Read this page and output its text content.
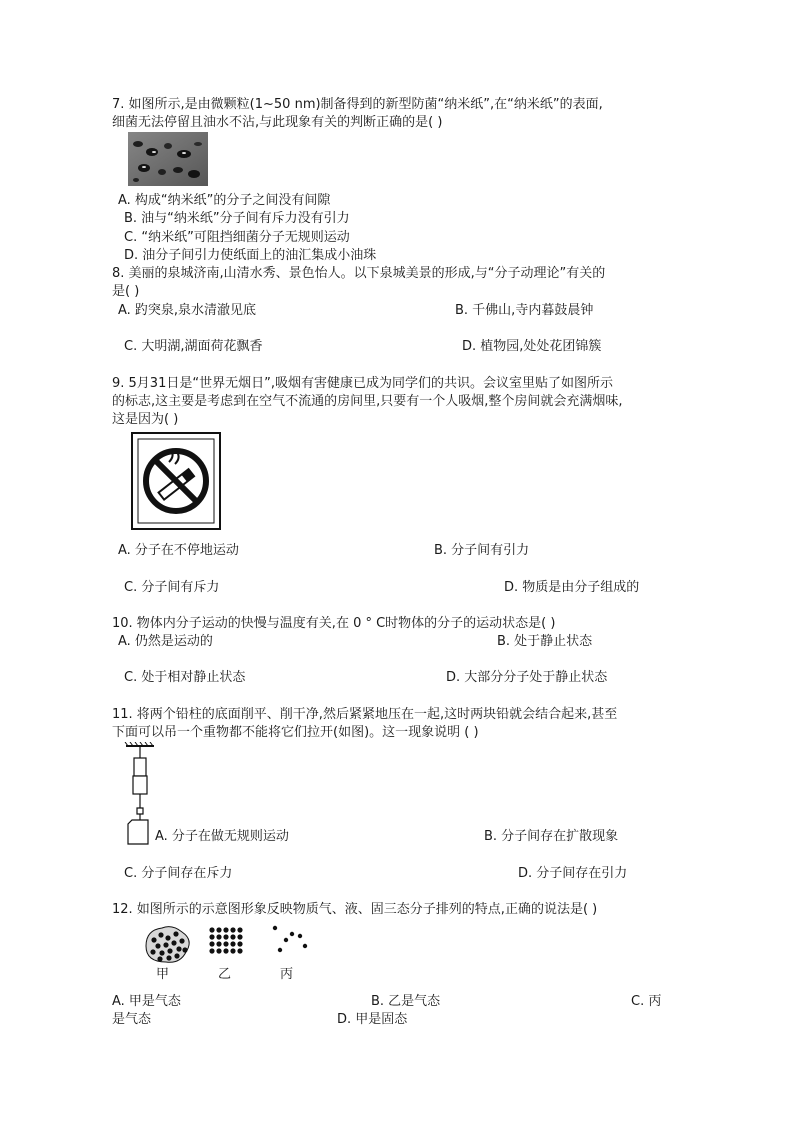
7. 如图所示,是由微颗粒(1~50 nm)制备得到的新型防菌“纳米纸”,在“纳米纸”的表面,
细菌无法停留且油水不沾,与此现象有关的判断正确的是( )
A. 构成“纳米纸”的分子之间没有间隙
B. 油与“纳米纸”分子间有斥力没有引力
C. “纳米纸”可阻挡细菌分子无规则运动
D. 油分子间引力使纸面上的油汇集成小油珠
8. 美丽的泉城济南,山清水秀、景色怡人。以下泉城美景的形成,与“分子动理论”有关的
是( )
A. 趵突泉,泉水清澈见底	B. 千佛山,寺内暮鼓晨钟
C. 大明湖,湖面荷花飘香	D. 植物园,处处花团锦簇
9. 5月31日是“世界无烟日”,吸烟有害健康已成为同学们的共识。会议室里贴了如图所示
的标志,这主要是考虑到在空气不流通的房间里,只要有一个人吸烟,整个房间就会充满烟味,
这是因为( )
A. 分子在不停地运动	B. 分子间有引力
C. 分子间有斥力	D. 物质是由分子组成的
10. 物体内分子运动的快慢与温度有关,在 0 ° C时物体的分子的运动状态是( )
A. 仍然是运动的	B. 处于静止状态
C. 处于相对静止状态	D. 大部分分子处于静止状态
11. 将两个铅柱的底面削平、削干净,然后紧紧地压在一起,这时两块铅就会结合起来,甚至
下面可以吊一个重物都不能将它们拉开(如图)。这一现象说明 ( )
A. 分子在做无规则运动	B. 分子间存在扩散现象
C. 分子间存在斥力	D. 分子间存在引力
12. 如图所示的示意图形象反映物质气、液、固三态分子排列的特点,正确的说法是( )
甲	乙	丙
A. 甲是气态	B. 乙是气态	C. 丙
是气态	D. 甲是固态
